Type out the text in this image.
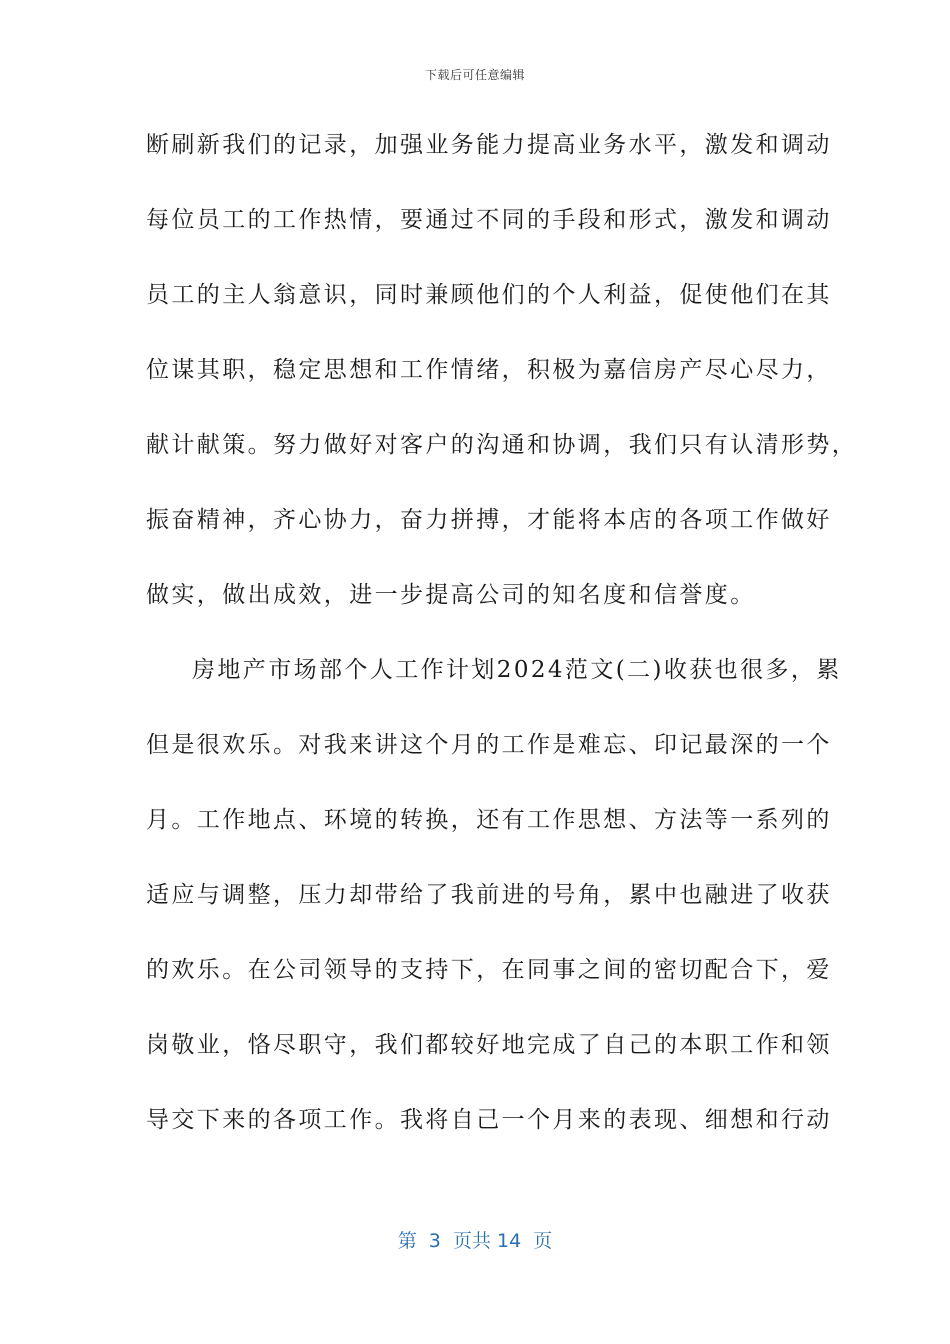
下载后可任意编辑
断刷新我们的记录，加强业务能力提高业务水平，激发和调动
每位员工的工作热情，要通过不同的手段和形式，激发和调动
员工的主人翁意识，同时兼顾他们的个人利益，促使他们在其
位谋其职，稳定思想和工作情绪，积极为嘉信房产尽心尽力，
献计献策。努力做好对客户的沟通和协调，我们只有认清形势，
振奋精神，齐心协力，奋力拼搏，才能将本店的各项工作做好
做实，做出成效，进一步提高公司的知名度和信誉度。
房地产市场部个人工作计划2024范文(二)收获也很多，累
但是很欢乐。对我来讲这个月的工作是难忘、印记最深的一个
月。工作地点、环境的转换，还有工作思想、方法等一系列的
适应与调整，压力却带给了我前进的号角，累中也融进了收获
的欢乐。在公司领导的支持下，在同事之间的密切配合下，爱
岗敬业，恪尽职守，我们都较好地完成了自己的本职工作和领
导交下来的各项工作。我将自己一个月来的表现、细想和行动
第  3  页共 14  页
